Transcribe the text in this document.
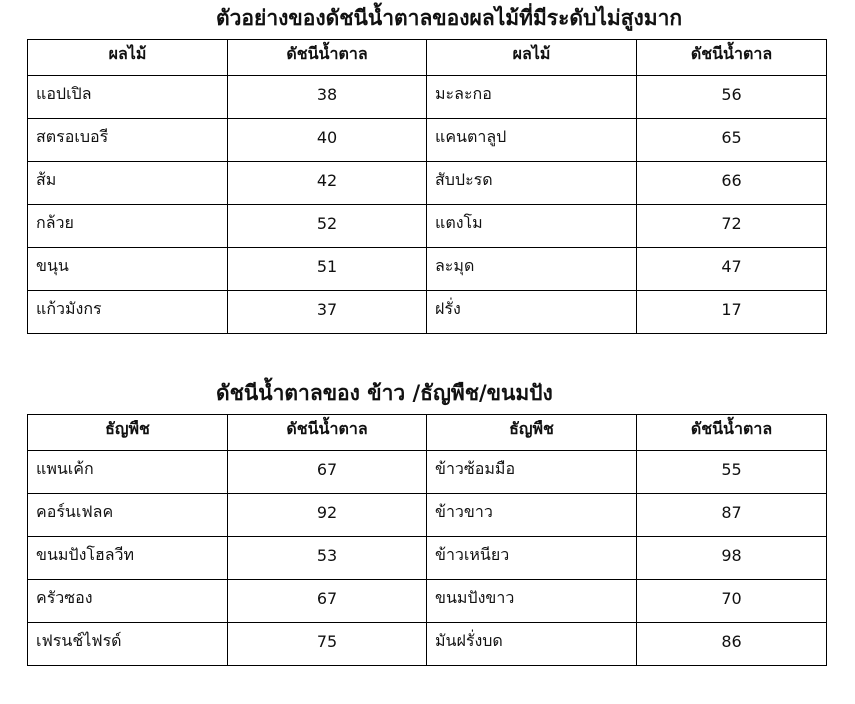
ตัวอย่างของดัชนีน้ำตาลของผลไม้ที่มีระดับไม่สูงมาก
ผลไม้	ดัชนีน้ำตาล	ผลไม้	ดัชนีน้ำตาล
แอปเปิล	38	มะละกอ	56
สตรอเบอรี	40	แคนตาลูป	65
ส้ม	42	สับปะรด	66
กล้วย	52	แตงโม	72
ขนุน	51	ละมุด	47
แก้วมังกร	37	ฝรั่ง	17
ดัชนีน้ำตาลของ ข้าว /ธัญพืช/ขนมปัง
ธัญพืช	ดัชนีน้ำตาล	ธัญพืช	ดัชนีน้ำตาล
แพนเค้ก	67	ข้าวซ้อมมือ	55
คอร์นเฟลค	92	ข้าวขาว	87
ขนมปังโฮลวีท	53	ข้าวเหนียว	98
ครัวซอง	67	ขนมปังขาว	70
เฟรนช์ไฟรด์	75	มันฝรั่งบด	86
